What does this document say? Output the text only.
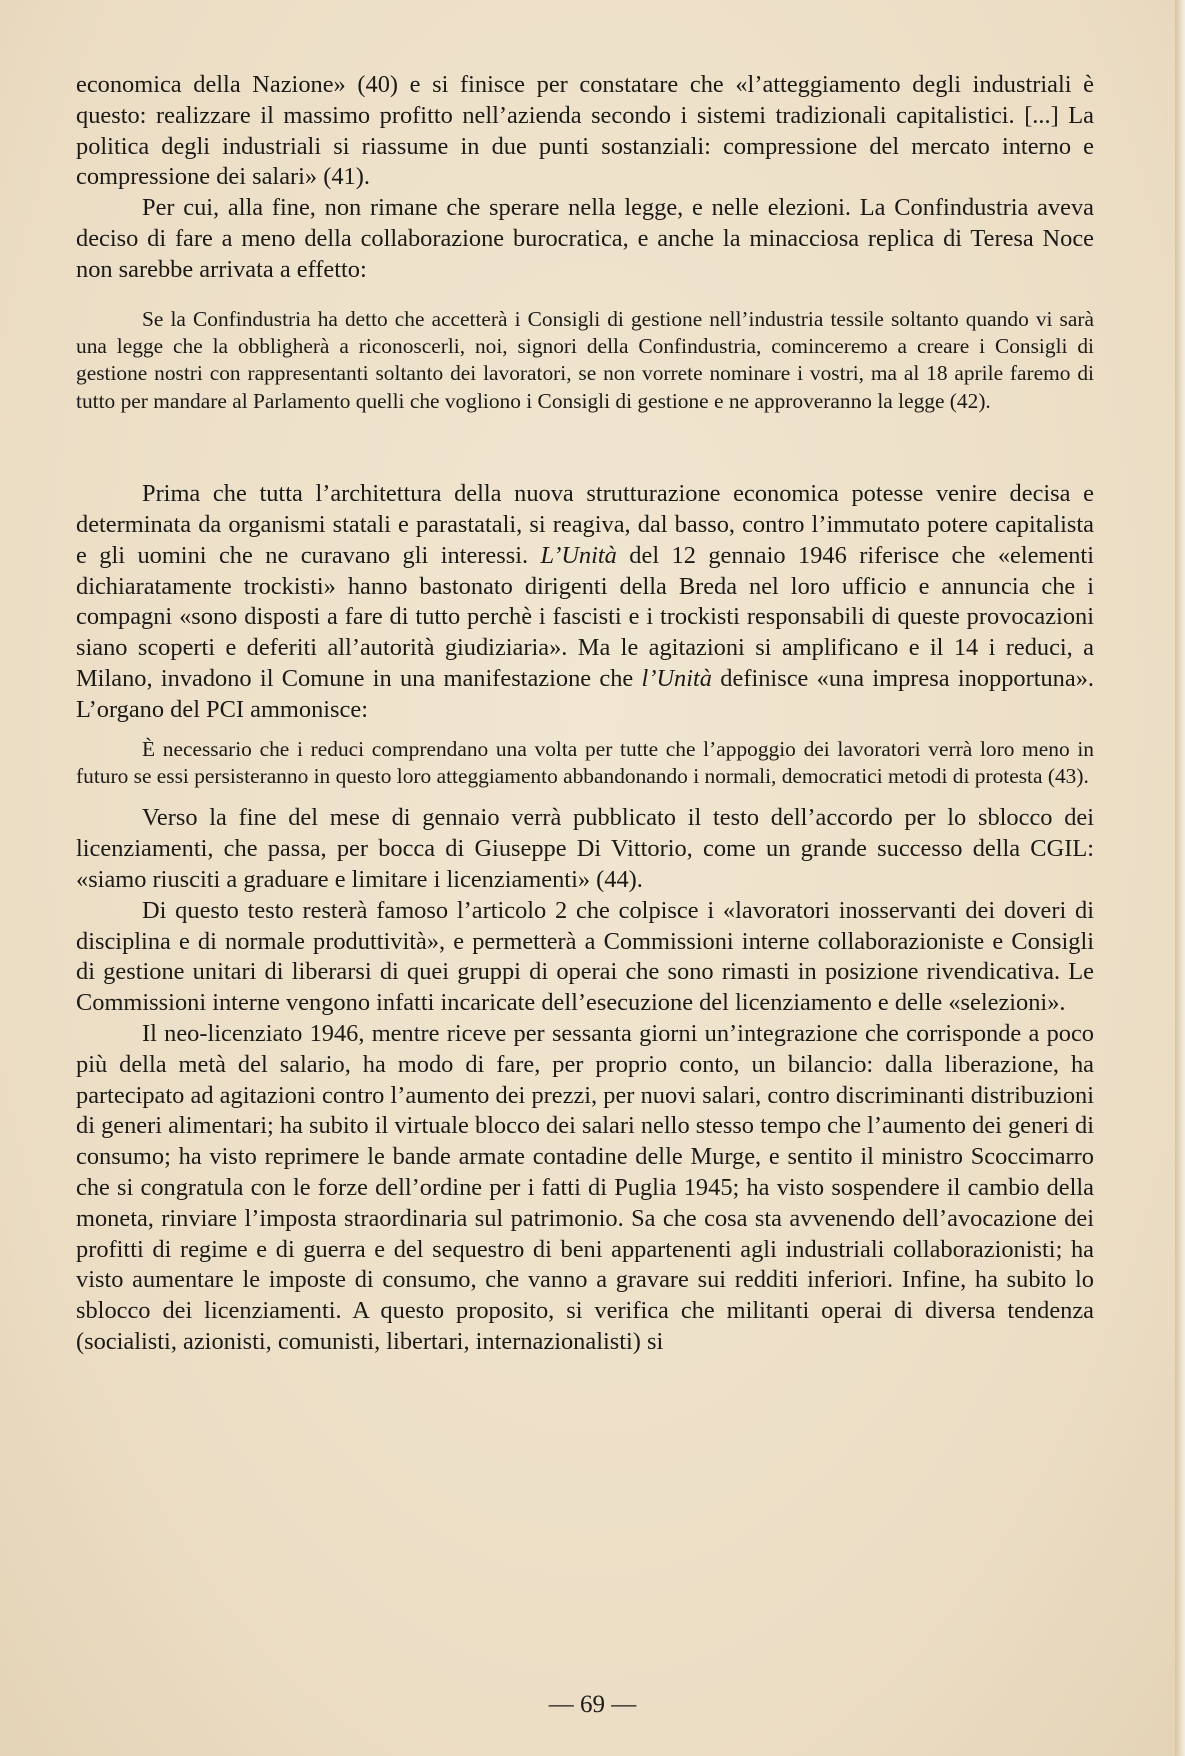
economica della Nazione» (40) e si finisce per constatare che «l’atteggiamento degli industriali è questo: realizzare il massimo profitto nell’azienda secondo i sistemi tradizionali capitalistici. [...] La politica degli industriali si riassume in due punti sostanziali: compressione del mercato interno e compressione dei salari» (41).

Per cui, alla fine, non rimane che sperare nella legge, e nelle elezioni. La Confindustria aveva deciso di fare a meno della collaborazione burocratica, e anche la minacciosa replica di Teresa Noce non sarebbe arrivata a effetto:

Se la Confindustria ha detto che accetterà i Consigli di gestione nell’industria tessile soltanto quando vi sarà una legge che la obbligherà a riconoscerli, noi, signori della Confindustria, cominceremo a creare i Consigli di gestione nostri con rappresentanti soltanto dei lavoratori, se non vorrete nominare i vostri, ma al 18 aprile faremo di tutto per mandare al Parlamento quelli che vogliono i Consigli di gestione e ne approveranno la legge (42).

Prima che tutta l’architettura della nuova strutturazione economica potesse venire decisa e determinata da organismi statali e parastatali, si reagiva, dal basso, contro l’immutato potere capitalista e gli uomini che ne curavano gli interessi. L’Unità del 12 gennaio 1946 riferisce che «elementi dichiaratamente trockisti» hanno bastonato dirigenti della Breda nel loro ufficio e annuncia che i compagni «sono disposti a fare di tutto perchè i fascisti e i trockisti responsabili di queste provocazioni siano scoperti e deferiti all’autorità giudiziaria». Ma le agitazioni si amplificano e il 14 i reduci, a Milano, invadono il Comune in una manifestazione che l’Unità definisce «una impresa inopportuna». L’organo del PCI ammonisce:

È necessario che i reduci comprendano una volta per tutte che l’appoggio dei lavoratori verrà loro meno in futuro se essi persisteranno in questo loro atteggiamento abbandonando i normali, democratici metodi di protesta (43).

Verso la fine del mese di gennaio verrà pubblicato il testo dell’accordo per lo sblocco dei licenziamenti, che passa, per bocca di Giuseppe Di Vittorio, come un grande successo della CGIL: «siamo riusciti a graduare e limitare i licenziamenti» (44).

Di questo testo resterà famoso l’articolo 2 che colpisce i «lavoratori inosservanti dei doveri di disciplina e di normale produttività», e permetterà a Commissioni interne collaborazioniste e Consigli di gestione unitari di liberarsi di quei gruppi di operai che sono rimasti in posizione rivendicativa. Le Commissioni interne vengono infatti incaricate dell’esecuzione del licenziamento e delle «selezioni».

Il neo-licenziato 1946, mentre riceve per sessanta giorni un’integrazione che corrisponde a poco più della metà del salario, ha modo di fare, per proprio conto, un bilancio: dalla liberazione, ha partecipato ad agitazioni contro l’aumento dei prezzi, per nuovi salari, contro discriminanti distribuzioni di generi alimentari; ha subito il virtuale blocco dei salari nello stesso tempo che l’aumento dei generi di consumo; ha visto reprimere le bande armate contadine delle Murge, e sentito il ministro Scoccimarro che si congratula con le forze dell’ordine per i fatti di Puglia 1945; ha visto sospendere il cambio della moneta, rinviare l’imposta straordinaria sul patrimonio. Sa che cosa sta avvenendo dell’avocazione dei profitti di regime e di guerra e del sequestro di beni appartenenti agli industriali collaborazionisti; ha visto aumentare le imposte di consumo, che vanno a gravare sui redditi inferiori. Infine, ha subito lo sblocco dei licenziamenti. A questo proposito, si verifica che militanti operai di diversa tendenza (socialisti, azionisti, comunisti, libertari, internazionalisti) si

— 69 —
